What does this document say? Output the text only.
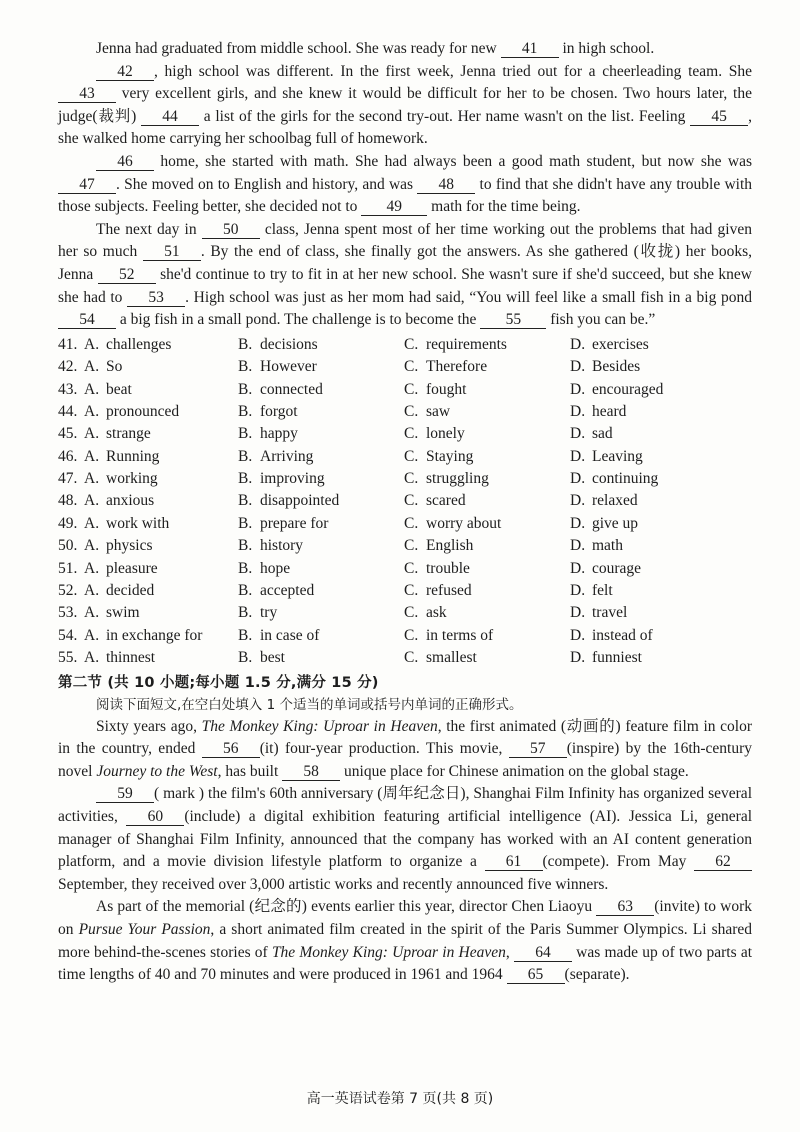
Jenna had graduated from middle school. She was ready for new 41 in high school.

42 , high school was different. In the first week, Jenna tried out for a cheerleading team. She 43 very excellent girls, and she knew it would be difficult for her to be chosen. Two hours later, the judge(裁判) 44 a list of the girls for the second try-out. Her name wasn't on the list. Feeling 45 , she walked home carrying her schoolbag full of homework.

46 home, she started with math. She had always been a good math student, but now she was 47 . She moved on to English and history, and was 48 to find that she didn't have any trouble with those subjects. Feeling better, she decided not to 49 math for the time being.

The next day in 50 class, Jenna spent most of her time working out the problems that had given her so much 51 . By the end of class, she finally got the answers. As she gathered (收拢) her books, Jenna 52 she'd continue to try to fit in at her new school. She wasn't sure if she'd succeed, but she knew she had to 53 . High school was just as her mom had said, “You will feel like a small fish in a big pond 54 a big fish in a small pond. The challenge is to become the 55 fish you can be.”

41. A. challenges	B. decisions	C. requirements	D. exercises
42. A. So	B. However	C. Therefore	D. Besides
43. A. beat	B. connected	C. fought	D. encouraged
44. A. pronounced	B. forgot	C. saw	D. heard
45. A. strange	B. happy	C. lonely	D. sad
46. A. Running	B. Arriving	C. Staying	D. Leaving
47. A. working	B. improving	C. struggling	D. continuing
48. A. anxious	B. disappointed	C. scared	D. relaxed
49. A. work with	B. prepare for	C. worry about	D. give up
50. A. physics	B. history	C. English	D. math
51. A. pleasure	B. hope	C. trouble	D. courage
52. A. decided	B. accepted	C. refused	D. felt
53. A. swim	B. try	C. ask	D. travel
54. A. in exchange for	B. in case of	C. in terms of	D. instead of
55. A. thinnest	B. best	C. smallest	D. funniest
第二节 (共 10 小题;每小题 1.5 分,满分 15 分)

阅读下面短文,在空白处填入 1 个适当的单词或括号内单词的正确形式。

Sixty years ago, The Monkey King: Uproar in Heaven, the first animated (动画的) feature film in color in the country, ended 56 (it) four-year production. This movie, 57 (inspire) by the 16th-century novel Journey to the West, has built 58 unique place for Chinese animation on the global stage.

59 ( mark ) the film's 60th anniversary (周年纪念日), Shanghai Film Infinity has organized several activities, 60 (include) a digital exhibition featuring artificial intelligence (AI). Jessica Li, general manager of Shanghai Film Infinity, announced that the company has worked with an AI content generation platform, and a movie division lifestyle platform to organize a 61 (compete). From May 62 September, they received over 3,000 artistic works and recently announced five winners.

As part of the memorial (纪念的) events earlier this year, director Chen Liaoyu 63 (invite) to work on Pursue Your Passion, a short animated film created in the spirit of the Paris Summer Olympics. Li shared more behind-the-scenes stories of The Monkey King: Uproar in Heaven, 64 was made up of two parts at time lengths of 40 and 70 minutes and were produced in 1961 and 1964 65 (separate).

高一英语试卷第 7 页(共 8 页)
